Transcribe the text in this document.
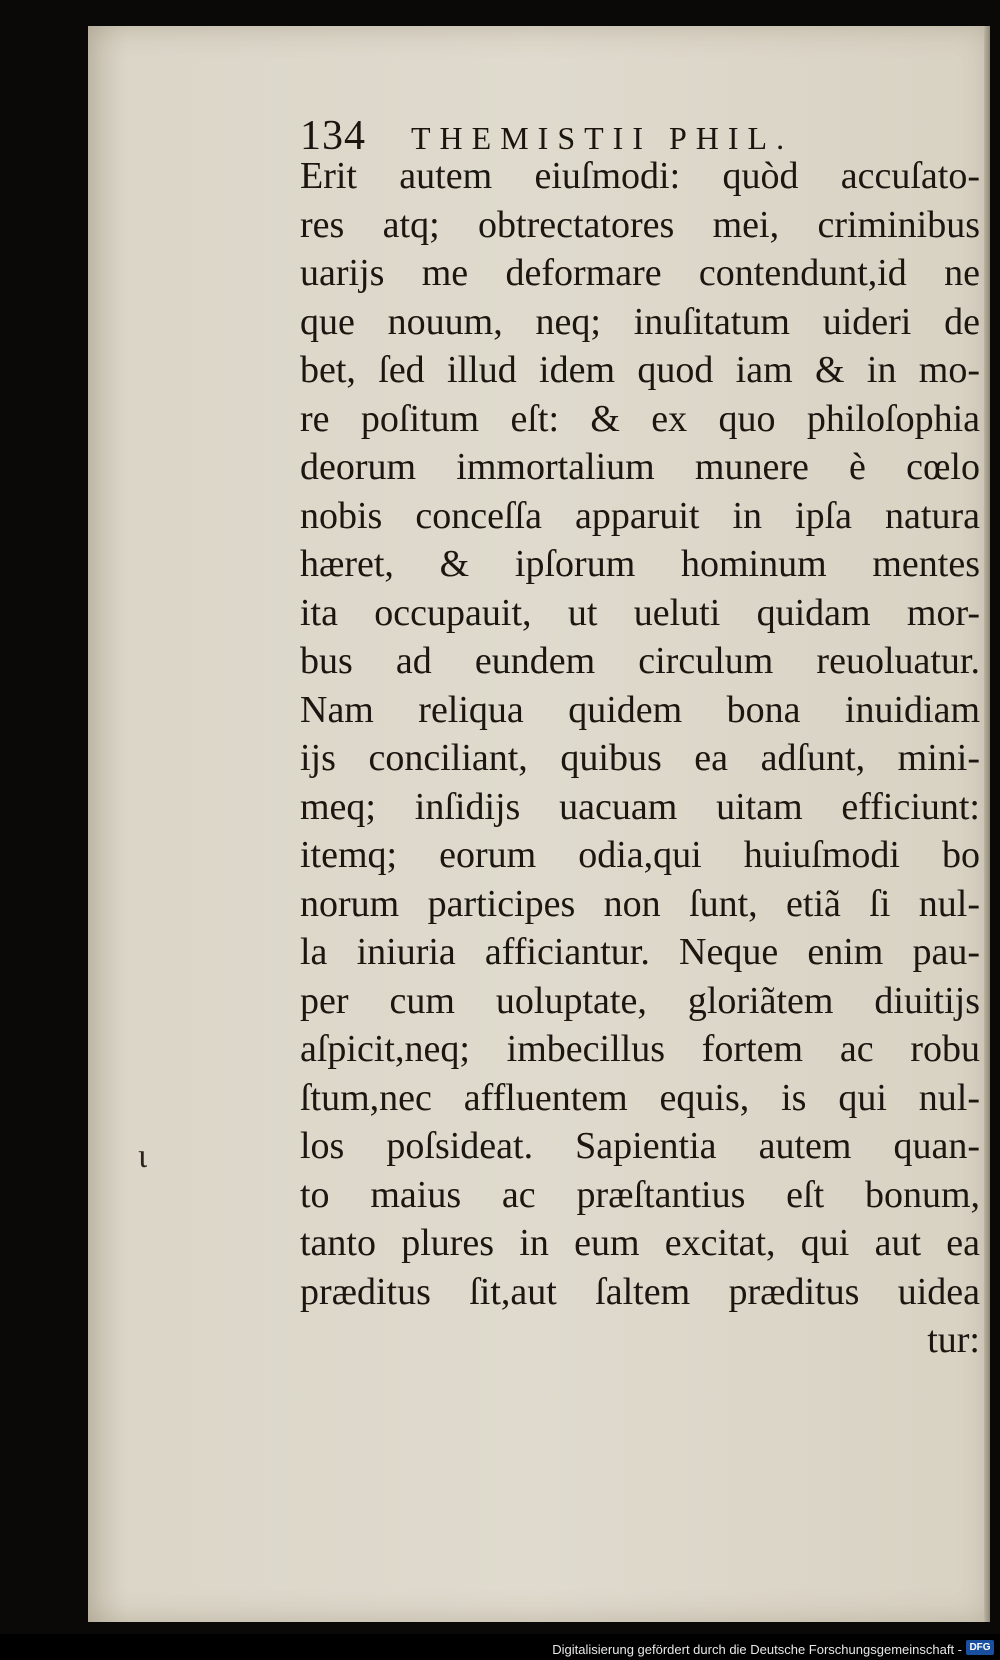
134 THEMISTII PHIL.
Erit autem eiuſmodi: quòd accuſato-
res atq; obtrectatores mei, criminibus
uariјs me deformare contendunt,id ne
que nouum, neq; inuſitatum uideri de
bet, ſed illud idem quod iam & in mo-
re poſitum eſt: & ex quo philoſophia
deorum immortalium munere è cœlo
nobis conceſſa apparuit in ipſa natura
hæret, & ipſorum hominum mentes
ita occupauit, ut ueluti quidam mor-
bus ad eundem circulum reuoluatur.
Nam reliqua quidem bona inuidiam
ijs conciliant, quibus ea adſunt, mini-
meq; inſidijs uacuam uitam efficiunt:
itemq; eorum odia,qui huiuſmodi bo
norum participes non ſunt, etiã ſi nul-
la iniuria afficiantur. Neque enim pau-
per cum uoluptate, gloriãtem diuitijs
aſpicit,neq; imbecillus fortem ac robu
ſtum,nec affluentem equis, is qui nul-
los poſsideat. Sapientia autem quan-
to maius ac præſtantius eſt bonum,
tanto plures in eum excitat, qui aut ea
præditus ſit,aut ſaltem præditus uidea
tur:
ɩ
Digitalisierung gefördert durch die Deutsche Forschungsgemeinschaft - DFG
